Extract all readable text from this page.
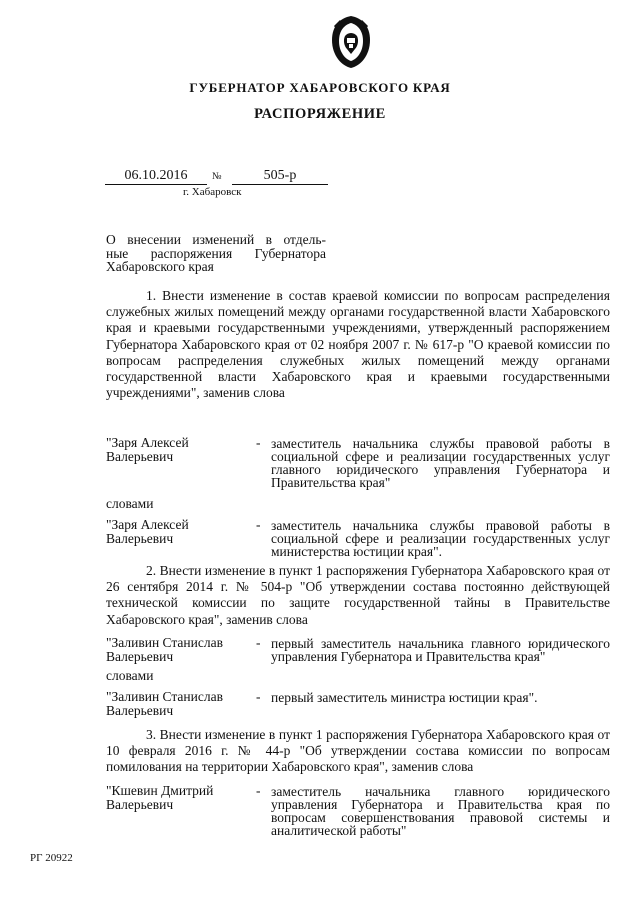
ГУБЕРНАТОР ХАБАРОВСКОГО КРАЯ
РАСПОРЯЖЕНИЕ
06.10.2016	№	505-р
г. Хабаровск
О внесении изменений в отдель-
ные распоряжения Губернатора
Хабаровского края
1. Внести изменение в состав краевой комиссии по вопросам распределения служебных жилых помещений между органами государственной власти Хабаровского края и краевыми государственными учреждениями, утвержденный распоряжением Губернатора Хабаровского края от 02 ноября 2007 г. № 617-р "О краевой комиссии по вопросам распределения служебных жилых помещений между органами государственной власти Хабаровского края и краевыми государственными учреждениями", заменив слова
"Заря Алексей Валерьевич
- заместитель начальника службы правовой работы в социальной сфере и реализации государственных услуг главного юридического управления Губернатора и Правительства края"
словами
"Заря Алексей Валерьевич
- заместитель начальника службы правовой работы в социальной сфере и реализации государственных услуг министерства юстиции края".
2. Внести изменение в пункт 1 распоряжения Губернатора Хабаровского края от 26 сентября 2014 г. № 504-р "Об утверждении состава постоянно действующей технической комиссии по защите государственной тайны в Правительстве Хабаровского края", заменив слова
"Заливин Станислав Валерьевич
- первый заместитель начальника главного юридического управления Губернатора и Правительства края"
словами
"Заливин Станислав Валерьевич
- первый заместитель министра юстиции края".
3. Внести изменение в пункт 1 распоряжения Губернатора Хабаровского края от 10 февраля 2016 г. № 44-р "Об утверждении состава комиссии по вопросам помилования на территории Хабаровского края", заменив слова
"Кшевин Дмитрий Валерьевич
- заместитель начальника главного юридического управления Губернатора и Правительства края по вопросам совершенствования правовой системы и аналитической работы"
РГ 20922
